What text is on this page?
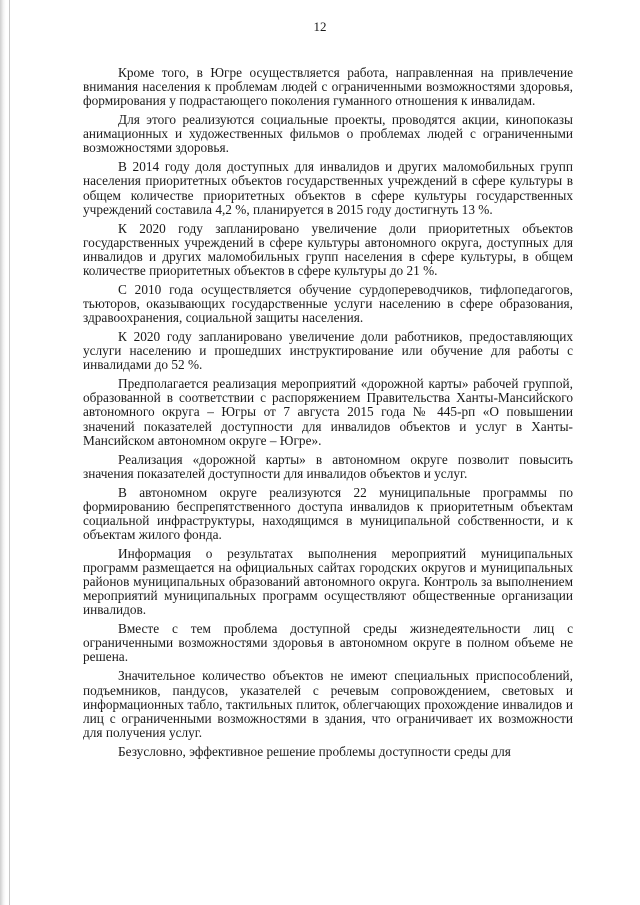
12

Кроме того, в Югре осуществляется работа, направленная на привлечение внимания населения к проблемам людей с ограниченными возможностями здоровья, формирования у подрастающего поколения гуманного отношения к инвалидам.

Для этого реализуются социальные проекты, проводятся акции, кинопоказы анимационных и художественных фильмов о проблемах людей с ограниченными возможностями здоровья.

В 2014 году доля доступных для инвалидов и других маломобильных групп населения приоритетных объектов государственных учреждений в сфере культуры в общем количестве приоритетных объектов в сфере культуры государственных учреждений составила 4,2 %, планируется в 2015 году достигнуть 13 %.

К 2020 году запланировано увеличение доли приоритетных объектов государственных учреждений в сфере культуры автономного округа, доступных для инвалидов и других маломобильных групп населения в сфере культуры, в общем количестве приоритетных объектов в сфере культуры до 21 %.

С 2010 года осуществляется обучение сурдопереводчиков, тифлопедагогов, тьюторов, оказывающих государственные услуги населению в сфере образования, здравоохранения, социальной защиты населения.

К 2020 году запланировано увеличение доли работников, предоставляющих услуги населению и прошедших инструктирование или обучение для работы с инвалидами до 52 %.

Предполагается реализация мероприятий «дорожной карты» рабочей группой, образованной в соответствии с распоряжением Правительства Ханты-Мансийского автономного округа – Югры от 7 августа 2015 года № 445-рп «О повышении значений показателей доступности для инвалидов объектов и услуг в Ханты-Мансийском автономном округе – Югре».

Реализация «дорожной карты» в автономном округе позволит повысить значения показателей доступности для инвалидов объектов и услуг.

В автономном округе реализуются 22 муниципальные программы по формированию беспрепятственного доступа инвалидов к приоритетным объектам социальной инфраструктуры, находящимся в муниципальной собственности, и к объектам жилого фонда.

Информация о результатах выполнения мероприятий муниципальных программ размещается на официальных сайтах городских округов и муниципальных районов муниципальных образований автономного округа. Контроль за выполнением мероприятий муниципальных программ осуществляют общественные организации инвалидов.

Вместе с тем проблема доступной среды жизнедеятельности лиц с ограниченными возможностями здоровья в автономном округе в полном объеме не решена.

Значительное количество объектов не имеют специальных приспособлений, подъемников, пандусов, указателей с речевым сопровождением, световых и информационных табло, тактильных плиток, облегчающих прохождение инвалидов и лиц с ограниченными возможностями в здания, что ограничивает их возможности для получения услуг.

Безусловно, эффективное решение проблемы доступности среды для
